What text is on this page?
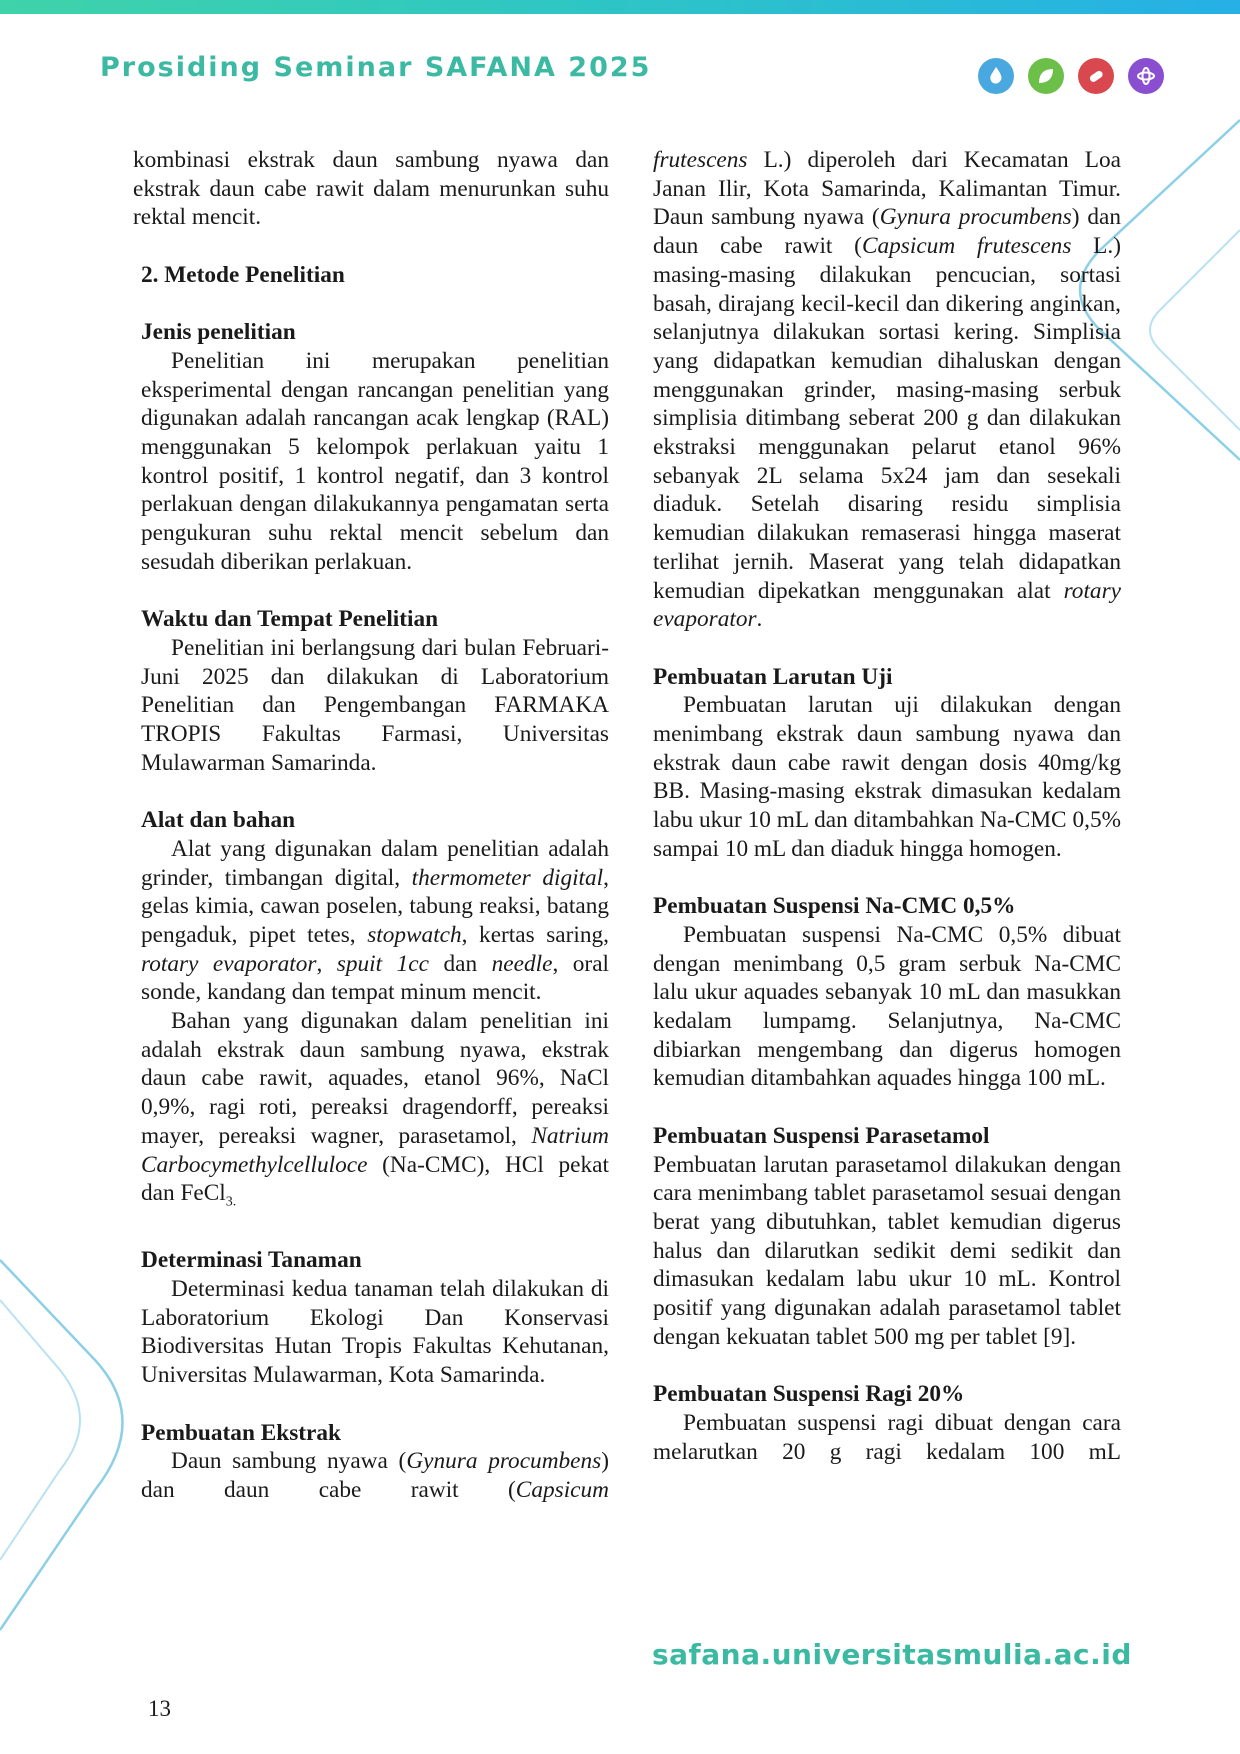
Prosiding Seminar SAFANA 2025

kombinasi ekstrak daun sambung nyawa dan ekstrak daun cabe rawit dalam menurunkan suhu rektal mencit.

2. Metode Penelitian

Jenis penelitian

Penelitian ini merupakan penelitian eksperimental dengan rancangan penelitian yang digunakan adalah rancangan acak lengkap (RAL) menggunakan 5 kelompok perlakuan yaitu 1 kontrol positif, 1 kontrol negatif, dan 3 kontrol perlakuan dengan dilakukannya pengamatan serta pengukuran suhu rektal mencit sebelum dan sesudah diberikan perlakuan.

Waktu dan Tempat Penelitian

Penelitian ini berlangsung dari bulan Februari-Juni 2025 dan dilakukan di Laboratorium Penelitian dan Pengembangan FARMAKA TROPIS Fakultas Farmasi, Universitas Mulawarman Samarinda.

Alat dan bahan

Alat yang digunakan dalam penelitian adalah grinder, timbangan digital, thermometer digital, gelas kimia, cawan poselen, tabung reaksi, batang pengaduk, pipet tetes, stopwatch, kertas saring, rotary evaporator, spuit 1cc dan needle, oral sonde, kandang dan tempat minum mencit.

Bahan yang digunakan dalam penelitian ini adalah ekstrak daun sambung nyawa, ekstrak daun cabe rawit, aquades, etanol 96%, NaCl 0,9%, ragi roti, pereaksi dragendorff, pereaksi mayer, pereaksi wagner, parasetamol, Natrium Carbocymethylcelluloce (Na-CMC), HCl pekat dan FeCl$_{3.}$

Determinasi Tanaman

Determinasi kedua tanaman telah dilakukan di Laboratorium Ekologi Dan Konservasi Biodiversitas Hutan Tropis Fakultas Kehutanan, Universitas Mulawarman, Kota Samarinda.

Pembuatan Ekstrak

Daun sambung nyawa (Gynura procumbens) dan daun cabe rawit (Capsicum

frutescens L.) diperoleh dari Kecamatan Loa Janan Ilir, Kota Samarinda, Kalimantan Timur. Daun sambung nyawa (Gynura procumbens) dan daun cabe rawit (Capsicum frutescens L.) masing-masing dilakukan pencucian, sortasi basah, dirajang kecil-kecil dan dikering anginkan, selanjutnya dilakukan sortasi kering. Simplisia yang didapatkan kemudian dihaluskan dengan menggunakan grinder, masing-masing serbuk simplisia ditimbang seberat 200 g dan dilakukan ekstraksi menggunakan pelarut etanol 96% sebanyak 2L selama 5x24 jam dan sesekali diaduk. Setelah disaring residu simplisia kemudian dilakukan remaserasi hingga maserat terlihat jernih. Maserat yang telah didapatkan kemudian dipekatkan menggunakan alat rotary evaporator.

Pembuatan Larutan Uji

Pembuatan larutan uji dilakukan dengan menimbang ekstrak daun sambung nyawa dan ekstrak daun cabe rawit dengan dosis 40mg/kg BB. Masing-masing ekstrak dimasukan kedalam labu ukur 10 mL dan ditambahkan Na-CMC 0,5% sampai 10 mL dan diaduk hingga homogen.

Pembuatan Suspensi Na-CMC 0,5%

Pembuatan suspensi Na-CMC 0,5% dibuat dengan menimbang 0,5 gram serbuk Na-CMC lalu ukur aquades sebanyak 10 mL dan masukkan kedalam lumpamg. Selanjutnya, Na-CMC dibiarkan mengembang dan digerus homogen kemudian ditambahkan aquades hingga 100 mL.

Pembuatan Suspensi Parasetamol

Pembuatan larutan parasetamol dilakukan dengan cara menimbang tablet parasetamol sesuai dengan berat yang dibutuhkan, tablet kemudian digerus halus dan dilarutkan sedikit demi sedikit dan dimasukan kedalam labu ukur 10 mL. Kontrol positif yang digunakan adalah parasetamol tablet dengan kekuatan tablet 500 mg per tablet [9].

Pembuatan Suspensi Ragi 20%

Pembuatan suspensi ragi dibuat dengan cara melarutkan 20 g ragi kedalam 100 mL

safana.universitasmulia.ac.id
13
